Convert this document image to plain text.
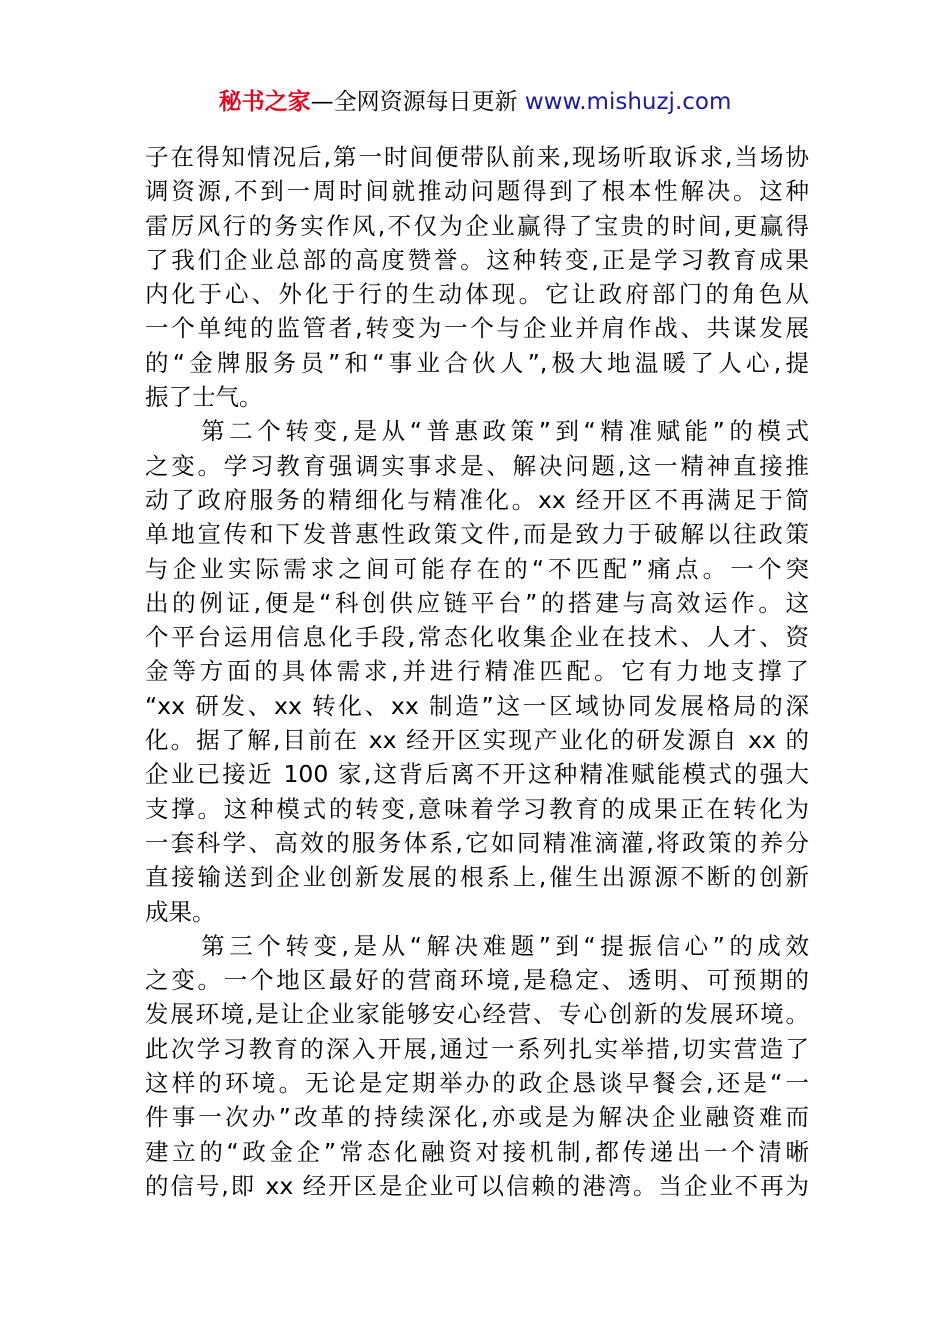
秘书之家—全网资源每日更新 www.mishuzj.com
子在得知情况后,第一时间便带队前来,现场听取诉求,当场协
调资源,不到一周时间就推动问题得到了根本性解决。这种
雷厉风行的务实作风,不仅为企业赢得了宝贵的时间,更赢得
了我们企业总部的高度赞誉。这种转变,正是学习教育成果
内化于心、外化于行的生动体现。它让政府部门的角色从
一个单纯的监管者,转变为一个与企业并肩作战、共谋发展
的“金牌服务员”和“事业合伙人”,极大地温暖了人心,提
振了士气。
　　第二个转变,是从“普惠政策”到“精准赋能”的模式
之变。学习教育强调实事求是、解决问题,这一精神直接推
动了政府服务的精细化与精准化。xx 经开区不再满足于简
单地宣传和下发普惠性政策文件,而是致力于破解以往政策
与企业实际需求之间可能存在的“不匹配”痛点。一个突
出的例证,便是“科创供应链平台”的搭建与高效运作。这
个平台运用信息化手段,常态化收集企业在技术、人才、资
金等方面的具体需求,并进行精准匹配。它有力地支撑了
“xx 研发、xx 转化、xx 制造”这一区域协同发展格局的深
化。据了解,目前在 xx 经开区实现产业化的研发源自 xx 的
企业已接近 100 家,这背后离不开这种精准赋能模式的强大
支撑。这种模式的转变,意味着学习教育的成果正在转化为
一套科学、高效的服务体系,它如同精准滴灌,将政策的养分
直接输送到企业创新发展的根系上,催生出源源不断的创新
成果。
　　第三个转变,是从“解决难题”到“提振信心”的成效
之变。一个地区最好的营商环境,是稳定、透明、可预期的
发展环境,是让企业家能够安心经营、专心创新的发展环境。
此次学习教育的深入开展,通过一系列扎实举措,切实营造了
这样的环境。无论是定期举办的政企恳谈早餐会,还是“一
件事一次办”改革的持续深化,亦或是为解决企业融资难而
建立的“政金企”常态化融资对接机制,都传递出一个清晰
的信号,即 xx 经开区是企业可以信赖的港湾。当企业不再为
